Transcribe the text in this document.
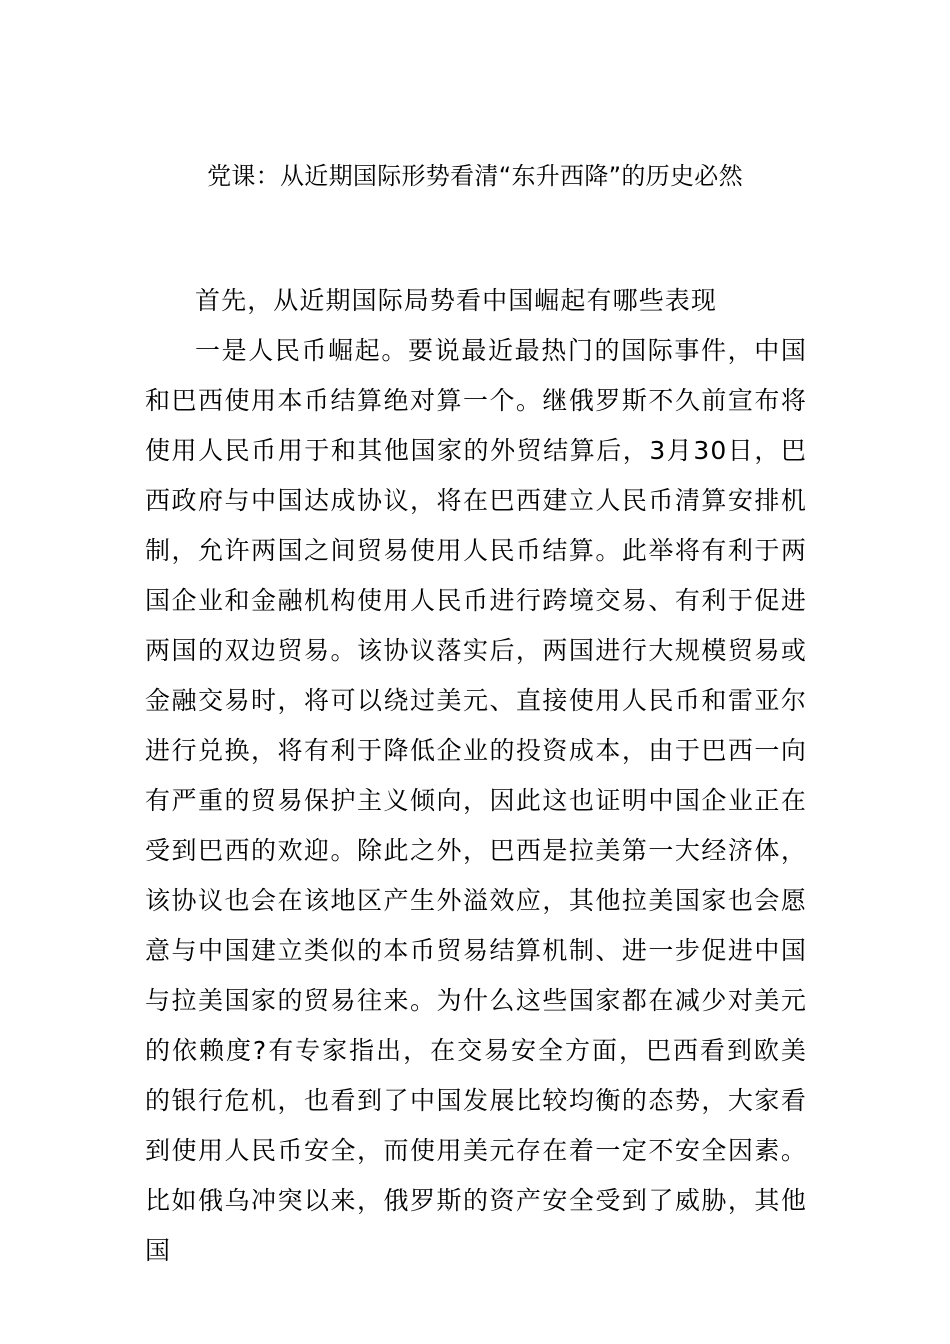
党课：从近期国际形势看清“东升西降”的历史必然

首先，从近期国际局势看中国崛起有哪些表现

一是人民币崛起。要说最近最热门的国际事件，中国和巴西使用本币结算绝对算一个。继俄罗斯不久前宣布将使用人民币用于和其他国家的外贸结算后，3月30日，巴西政府与中国达成协议，将在巴西建立人民币清算安排机制，允许两国之间贸易使用人民币结算。此举将有利于两国企业和金融机构使用人民币进行跨境交易、有利于促进两国的双边贸易。该协议落实后，两国进行大规模贸易或金融交易时，将可以绕过美元、直接使用人民币和雷亚尔进行兑换，将有利于降低企业的投资成本，由于巴西一向有严重的贸易保护主义倾向，因此这也证明中国企业正在受到巴西的欢迎。除此之外，巴西是拉美第一大经济体，该协议也会在该地区产生外溢效应，其他拉美国家也会愿意与中国建立类似的本币贸易结算机制、进一步促进中国与拉美国家的贸易往来。为什么这些国家都在减少对美元的依赖度?有专家指出，在交易安全方面，巴西看到欧美的银行危机，也看到了中国发展比较均衡的态势，大家看到使用人民币安全，而使用美元存在着一定不安全因素。比如俄乌冲突以来，俄罗斯的资产安全受到了威胁，其他国
